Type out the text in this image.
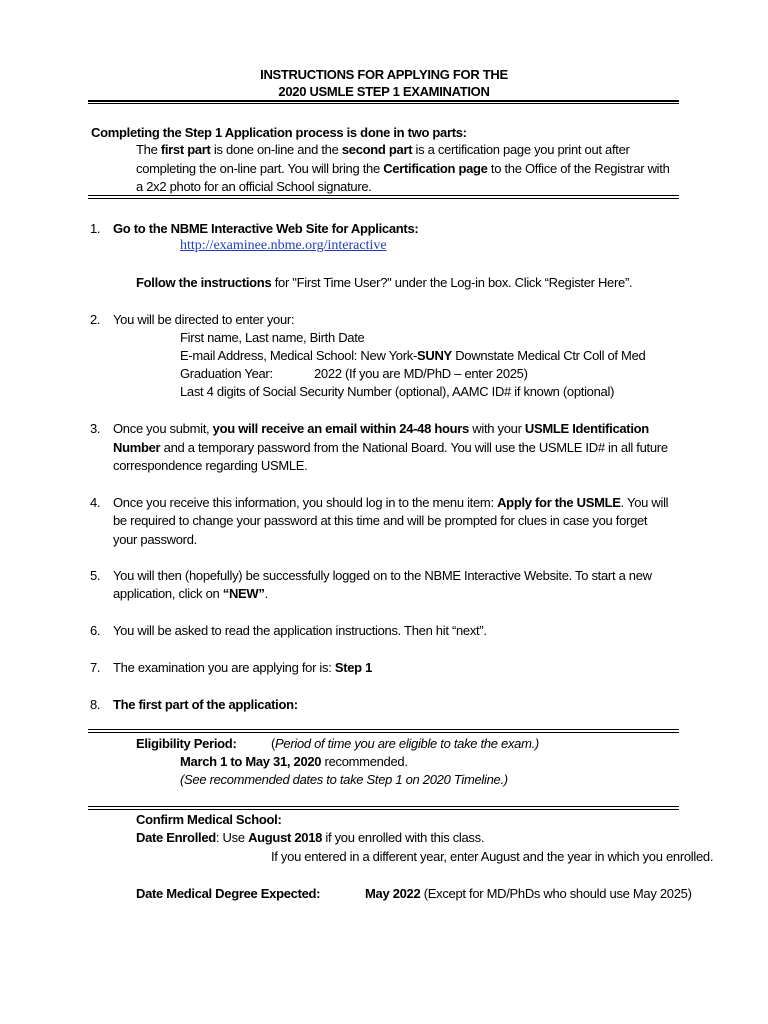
INSTRUCTIONS FOR APPLYING FOR THE
2020 USMLE STEP 1 EXAMINATION
Completing the Step 1 Application process is done in two parts:
The first part is done on-line and the second part is a certification page you print out after
completing the on-line part. You will bring the Certification page to the Office of the Registrar with
a 2x2 photo for an official School signature.
1. Go to the NBME Interactive Web Site for Applicants:
http://examinee.nbme.org/interactive
Follow the instructions for "First Time User?" under the Log-in box. Click “Register Here”.
2. You will be directed to enter your:
First name, Last name, Birth Date
E-mail Address, Medical School: New York-SUNY Downstate Medical Ctr Coll of Med
Graduation Year:	2022 (If you are MD/PhD – enter 2025)
Last 4 digits of Social Security Number (optional), AAMC ID# if known (optional)
3. Once you submit, you will receive an email within 24-48 hours with your USMLE Identification
Number and a temporary password from the National Board. You will use the USMLE ID# in all future
correspondence regarding USMLE.
4. Once you receive this information, you should log in to the menu item: Apply for the USMLE. You will
be required to change your password at this time and will be prompted for clues in case you forget
your password.
5. You will then (hopefully) be successfully logged on to the NBME Interactive Website. To start a new
application, click on “NEW”.
6. You will be asked to read the application instructions. Then hit “next”.
7. The examination you are applying for is: Step 1
8. The first part of the application:
Eligibility Period:	(Period of time you are eligible to take the exam.)
March 1 to May 31, 2020 recommended.
(See recommended dates to take Step 1 on 2020 Timeline.)
Confirm Medical School:
Date Enrolled: Use August 2018 if you enrolled with this class.
If you entered in a different year, enter August and the year in which you enrolled.
Date Medical Degree Expected:	May 2022 (Except for MD/PhDs who should use May 2025)
